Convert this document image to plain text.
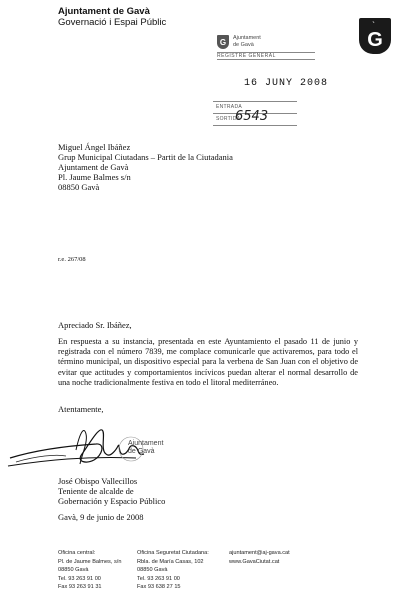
Ajuntament de Gavà
Governació i Espai Públic	`
G
G	Ajuntament
de Gavà
REGISTRE GENERAL
16 JUNY 2008
ENTRADA
SORTIDA
6543
Miguel Ángel Ibáñez
Grup Municipal Ciutadans – Partit de la Ciutadania
Ajuntament de Gavà
Pl. Jaume Balmes s/n
08850 Gavà
r.e. 267/08
Apreciado Sr. Ibáñez,
En respuesta a su instancia, presentada en este Ayuntamiento el pasado 11 de junio y registrada con el número 7839, me complace comunicarle que activaremos, para todo el término municipal, un dispositivo especial para la verbena de San Juan con el objetivo de evitar que actitudes y comportamientos incívicos puedan alterar el normal desarrollo de una noche tradicionalmente festiva en todo el litoral mediterráneo.
Atentamente,
Ajuntament
de Gavà
José Obispo Vallecillos
Teniente de alcalde de
Gobernación y Espacio Público
Gavà, 9 de junio de 2008
Oficina central:
Pl. de Jaume Balmes, s/n
08850 Gavà
Tel. 93 263 91 00
Fax 93 263 91 31
Oficina Seguretat Ciutadana:
Rbla. de María Casas, 102
08850 Gavà
Tel. 93 263 91 00
Fax 93 638 27 15
ajuntament@aj-gava.cat
www.GavaCiutat.cat
